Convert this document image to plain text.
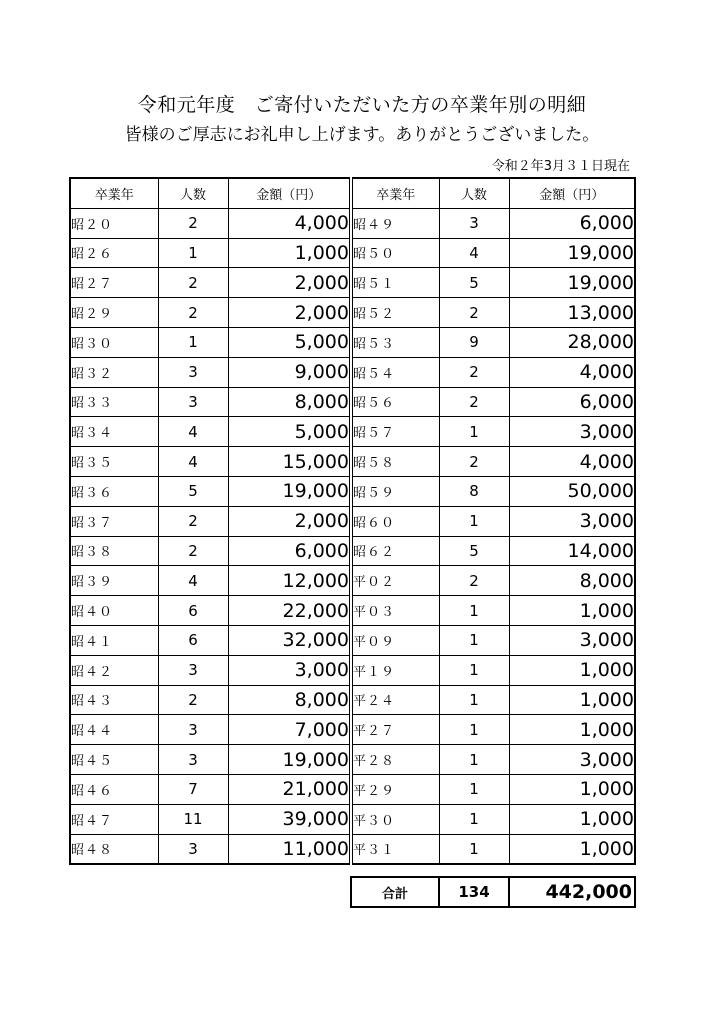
令和元年度　ご寄付いただいた方の卒業年別の明細
皆様のご厚志にお礼申し上げます。ありがとうございました。
令和２年3月３１日現在
卒業年	人数	金額（円）	卒業年	人数	金額（円）
昭２０	2	4,000	昭４９	3	6,000
昭２６	1	1,000	昭５０	4	19,000
昭２７	2	2,000	昭５１	5	19,000
昭２９	2	2,000	昭５２	2	13,000
昭３０	1	5,000	昭５３	9	28,000
昭３２	3	9,000	昭５４	2	4,000
昭３３	3	8,000	昭５６	2	6,000
昭３４	4	5,000	昭５７	1	3,000
昭３５	4	15,000	昭５８	2	4,000
昭３６	5	19,000	昭５９	8	50,000
昭３７	2	2,000	昭６０	1	3,000
昭３８	2	6,000	昭６２	5	14,000
昭３９	4	12,000	平０２	2	8,000
昭４０	6	22,000	平０３	1	1,000
昭４１	6	32,000	平０９	1	3,000
昭４２	3	3,000	平１９	1	1,000
昭４３	2	8,000	平２４	1	1,000
昭４４	3	7,000	平２７	1	1,000
昭４５	3	19,000	平２８	1	3,000
昭４６	7	21,000	平２９	1	1,000
昭４７	11	39,000	平３０	1	1,000
昭４８	3	11,000	平３１	1	1,000
合計	134	442,000
